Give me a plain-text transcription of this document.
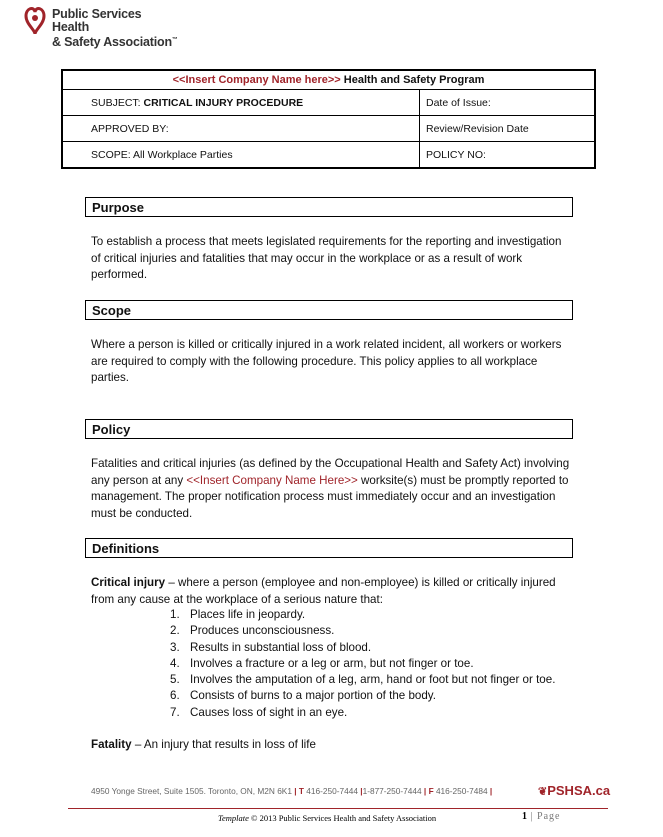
Public Services Health
& Safety Association™
<<Insert Company Name here>> Health and Safety Program	
SUBJECT: CRITICAL INJURY PROCEDURE	Date of Issue:
APPROVED BY:	Review/Revision Date
SCOPE: All Workplace Parties	POLICY NO:
Purpose
To establish a process that meets legislated requirements for the reporting and investigation of critical injuries and fatalities that may occur in the workplace or as a result of work performed.
Scope
Where a person is killed or critically injured in a work related incident, all workers or workers are required to comply with the following procedure. This policy applies to all workplace parties.
Policy
Fatalities and critical injuries (as defined by the Occupational Health and Safety Act) involving any person at any <<Insert Company Name Here>> worksite(s) must be promptly reported to management. The proper notification process must immediately occur and an investigation must be conducted.
Definitions
Critical injury – where a person (employee and non-employee) is killed or critically injured from any cause at the workplace of a serious nature that:
1. Places life in jeopardy.
2. Produces unconsciousness.
3. Results in substantial loss of blood.
4. Involves a fracture or a leg or arm, but not finger or toe.
5. Involves the amputation of a leg, arm, hand or foot but not finger or toe.
6. Consists of burns to a major portion of the body.
7. Causes loss of sight in an eye.
Fatality – An injury that results in loss of life
4950 Yonge Street, Suite 1505. Toronto, ON, M2N 6K1 | T 416-250-7444 |1-877-250-7444 | F 416-250-7484 |	❦PSHSA.ca
Template © 2013 Public Services Health and Safety Association	1 | Page
